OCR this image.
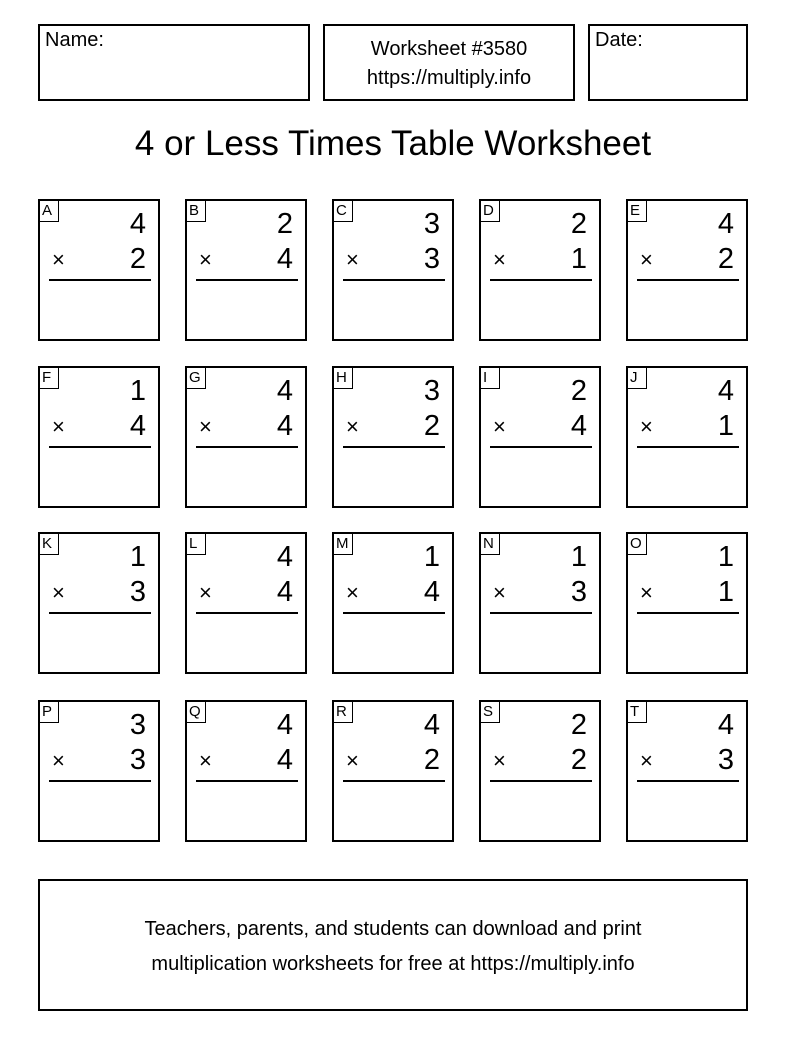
Name:	Worksheet #3580
https://multiply.info
Date:
4 or Less Times Table Worksheet
A	4
× 2
B	2
× 4
C	3
× 3
D	2
× 1
E	4
× 2
F	1
× 4
G	4
× 4
H	3
× 2
I	2
× 4
J	4
× 1
K	1
× 3
L	4
× 4
M	1
× 4
N	1
× 3
O	1
× 1
P	3
× 3
Q	4
× 4
R	4
× 2
S	2
× 2
T	4
× 3
Teachers, parents, and students can download and print
multiplication worksheets for free at https://multiply.info
